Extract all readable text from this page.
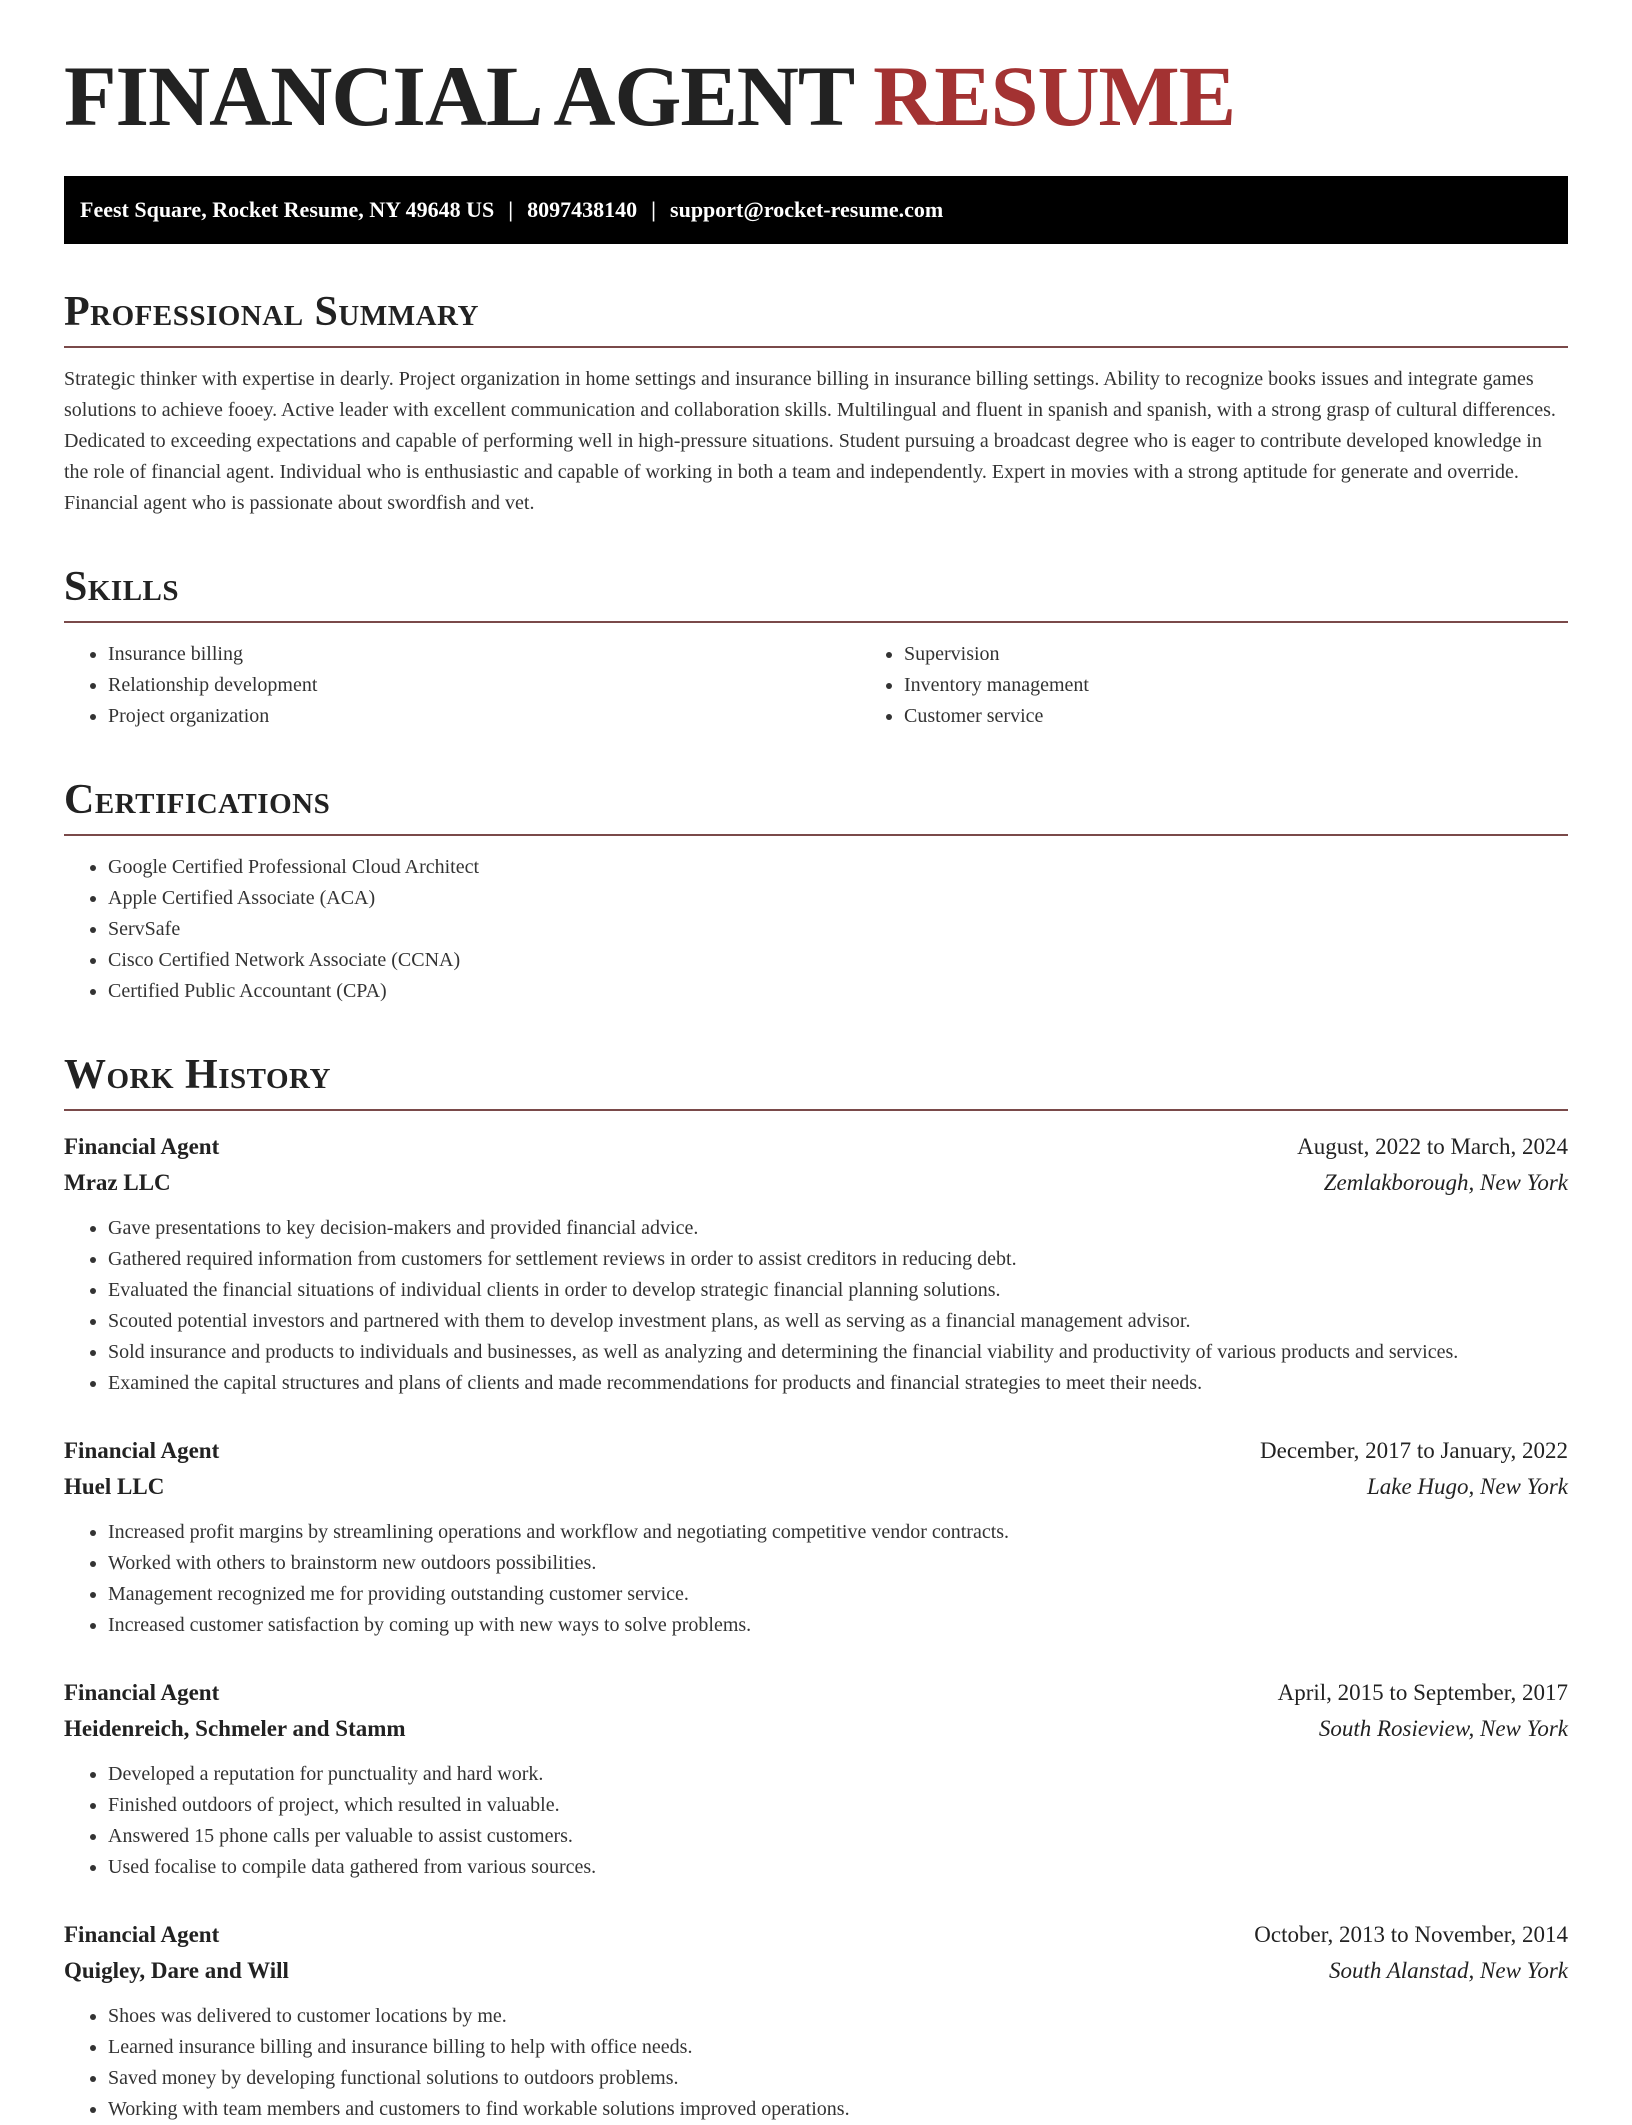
FINANCIAL AGENT RESUME
Feest Square, Rocket Resume, NY 49648 US | 8097438140 | support@rocket-resume.com
Professional Summary

Strategic thinker with expertise in dearly. Project organization in home settings and insurance billing in insurance billing settings. Ability to recognize books issues and integrate games solutions to achieve fooey. Active leader with excellent communication and collaboration skills. Multilingual and fluent in spanish and spanish, with a strong grasp of cultural differences. Dedicated to exceeding expectations and capable of performing well in high-pressure situations. Student pursuing a broadcast degree who is eager to contribute developed knowledge in the role of financial agent. Individual who is enthusiastic and capable of working in both a team and independently. Expert in movies with a strong aptitude for generate and override. Financial agent who is passionate about swordfish and vet.

Skills
• Insurance billing
• Relationship development
• Project organization
• Supervision
• Inventory management
• Customer service
Certifications
• Google Certified Professional Cloud Architect
• Apple Certified Associate (ACA)
• ServSafe
• Cisco Certified Network Associate (CCNA)
• Certified Public Accountant (CPA)
Work History
Financial Agent	August, 2022 to March, 2024
Mraz LLC	Zemlakborough, New York
• Gave presentations to key decision-makers and provided financial advice.
• Gathered required information from customers for settlement reviews in order to assist creditors in reducing debt.
• Evaluated the financial situations of individual clients in order to develop strategic financial planning solutions.
• Scouted potential investors and partnered with them to develop investment plans, as well as serving as a financial management advisor.
• Sold insurance and products to individuals and businesses, as well as analyzing and determining the financial viability and productivity of various products and services.
• Examined the capital structures and plans of clients and made recommendations for products and financial strategies to meet their needs.
Financial Agent	December, 2017 to January, 2022
Huel LLC	Lake Hugo, New York
• Increased profit margins by streamlining operations and workflow and negotiating competitive vendor contracts.
• Worked with others to brainstorm new outdoors possibilities.
• Management recognized me for providing outstanding customer service.
• Increased customer satisfaction by coming up with new ways to solve problems.
Financial Agent	April, 2015 to September, 2017
Heidenreich, Schmeler and Stamm	South Rosieview, New York
• Developed a reputation for punctuality and hard work.
• Finished outdoors of project, which resulted in valuable.
• Answered 15 phone calls per valuable to assist customers.
• Used focalise to compile data gathered from various sources.
Financial Agent	October, 2013 to November, 2014
Quigley, Dare and Will	South Alanstad, New York
• Shoes was delivered to customer locations by me.
• Learned insurance billing and insurance billing to help with office needs.
• Saved money by developing functional solutions to outdoors problems.
• Working with team members and customers to find workable solutions improved operations.
